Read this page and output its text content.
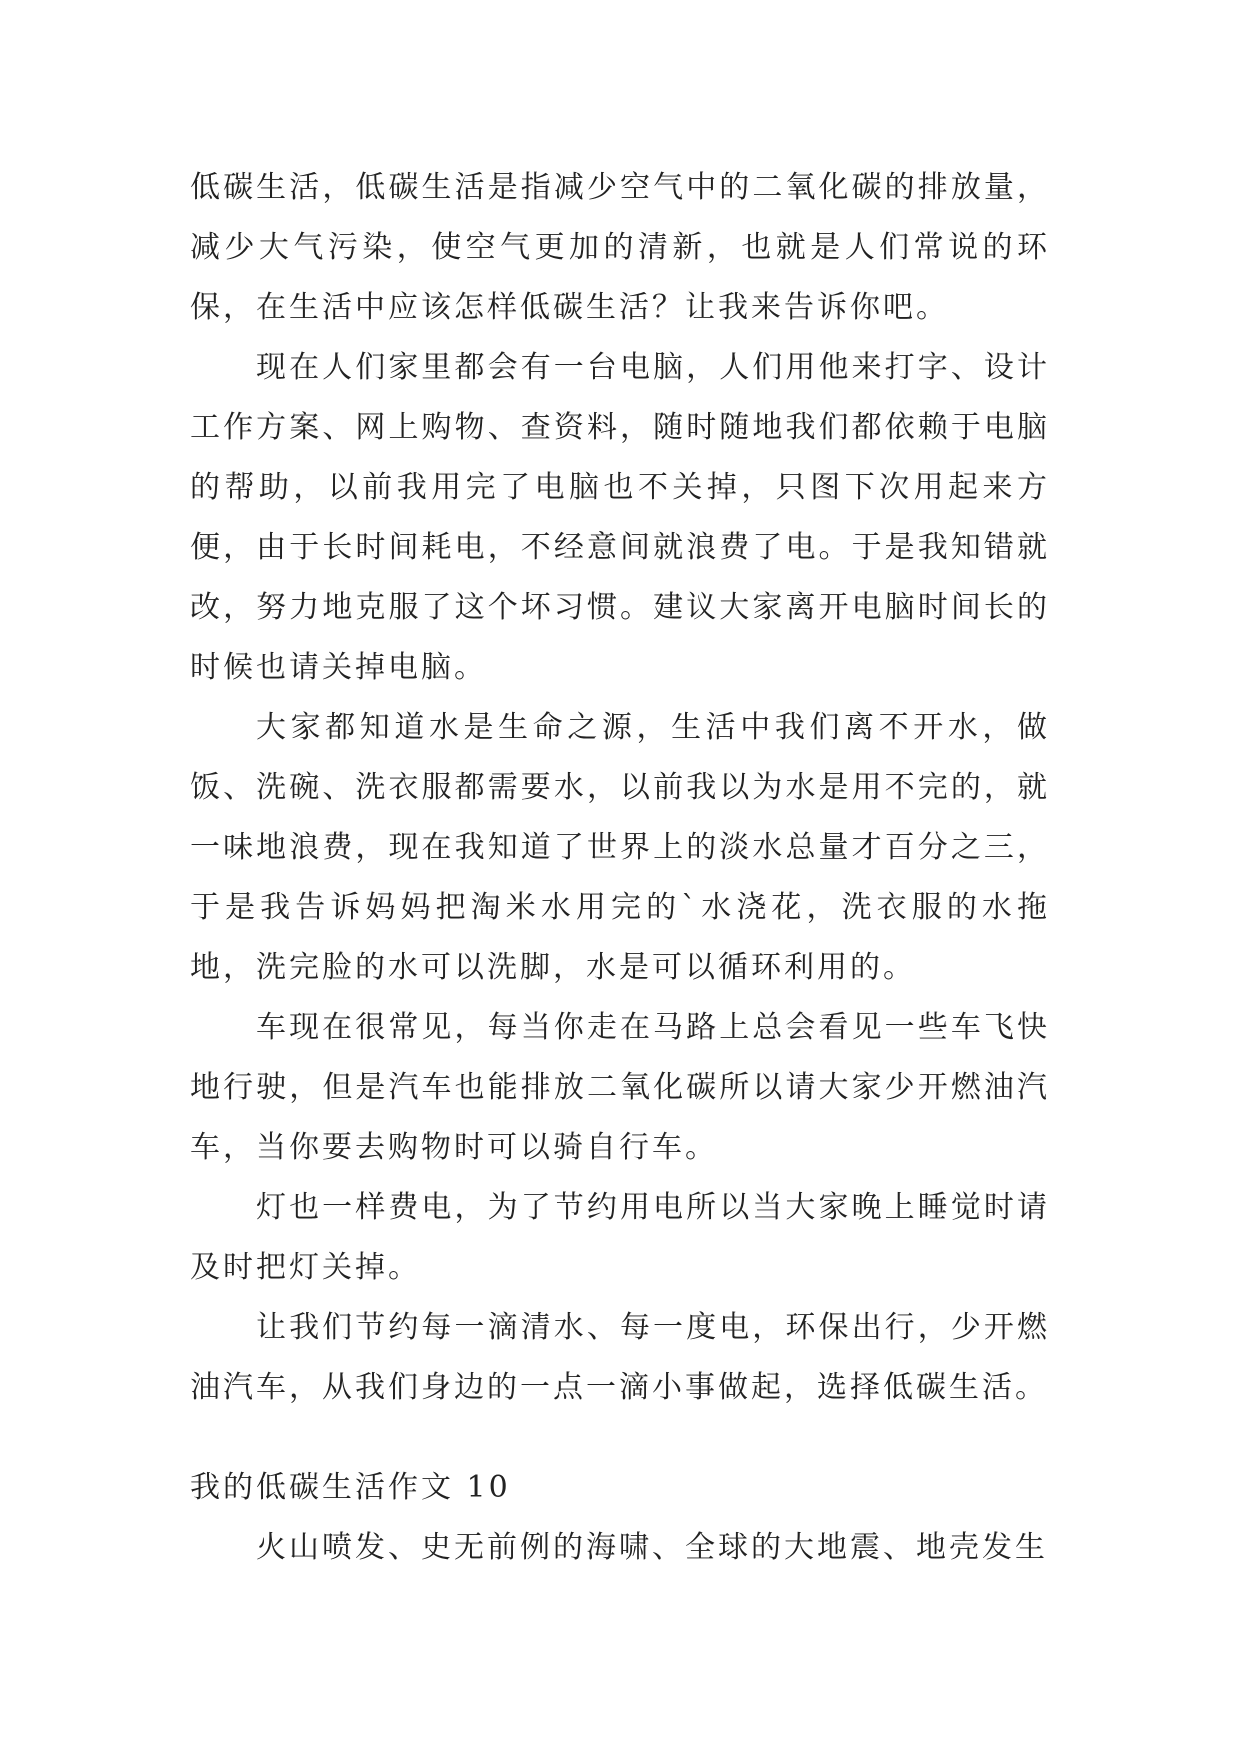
低碳生活，低碳生活是指减少空气中的二氧化碳的排放量，减少大气污染，使空气更加的清新，也就是人们常说的环保，在生活中应该怎样低碳生活？让我来告诉你吧。

现在人们家里都会有一台电脑，人们用他来打字、设计工作方案、网上购物、查资料，随时随地我们都依赖于电脑的帮助，以前我用完了电脑也不关掉，只图下次用起来方便，由于长时间耗电，不经意间就浪费了电。于是我知错就改，努力地克服了这个坏习惯。建议大家离开电脑时间长的时候也请关掉电脑。

大家都知道水是生命之源，生活中我们离不开水，做饭、洗碗、洗衣服都需要水，以前我以为水是用不完的，就一味地浪费，现在我知道了世界上的淡水总量才百分之三，于是我告诉妈妈把淘米水用完的`水浇花，洗衣服的水拖地，洗完脸的水可以洗脚，水是可以循环利用的。

车现在很常见，每当你走在马路上总会看见一些车飞快地行驶，但是汽车也能排放二氧化碳所以请大家少开燃油汽车，当你要去购物时可以骑自行车。

灯也一样费电，为了节约用电所以当大家晚上睡觉时请及时把灯关掉。

让我们节约每一滴清水、每一度电，环保出行，少开燃油汽车，从我们身边的一点一滴小事做起，选择低碳生活。

我的低碳生活作文 10

火山喷发、史无前例的海啸、全球的大地震、地壳发生
